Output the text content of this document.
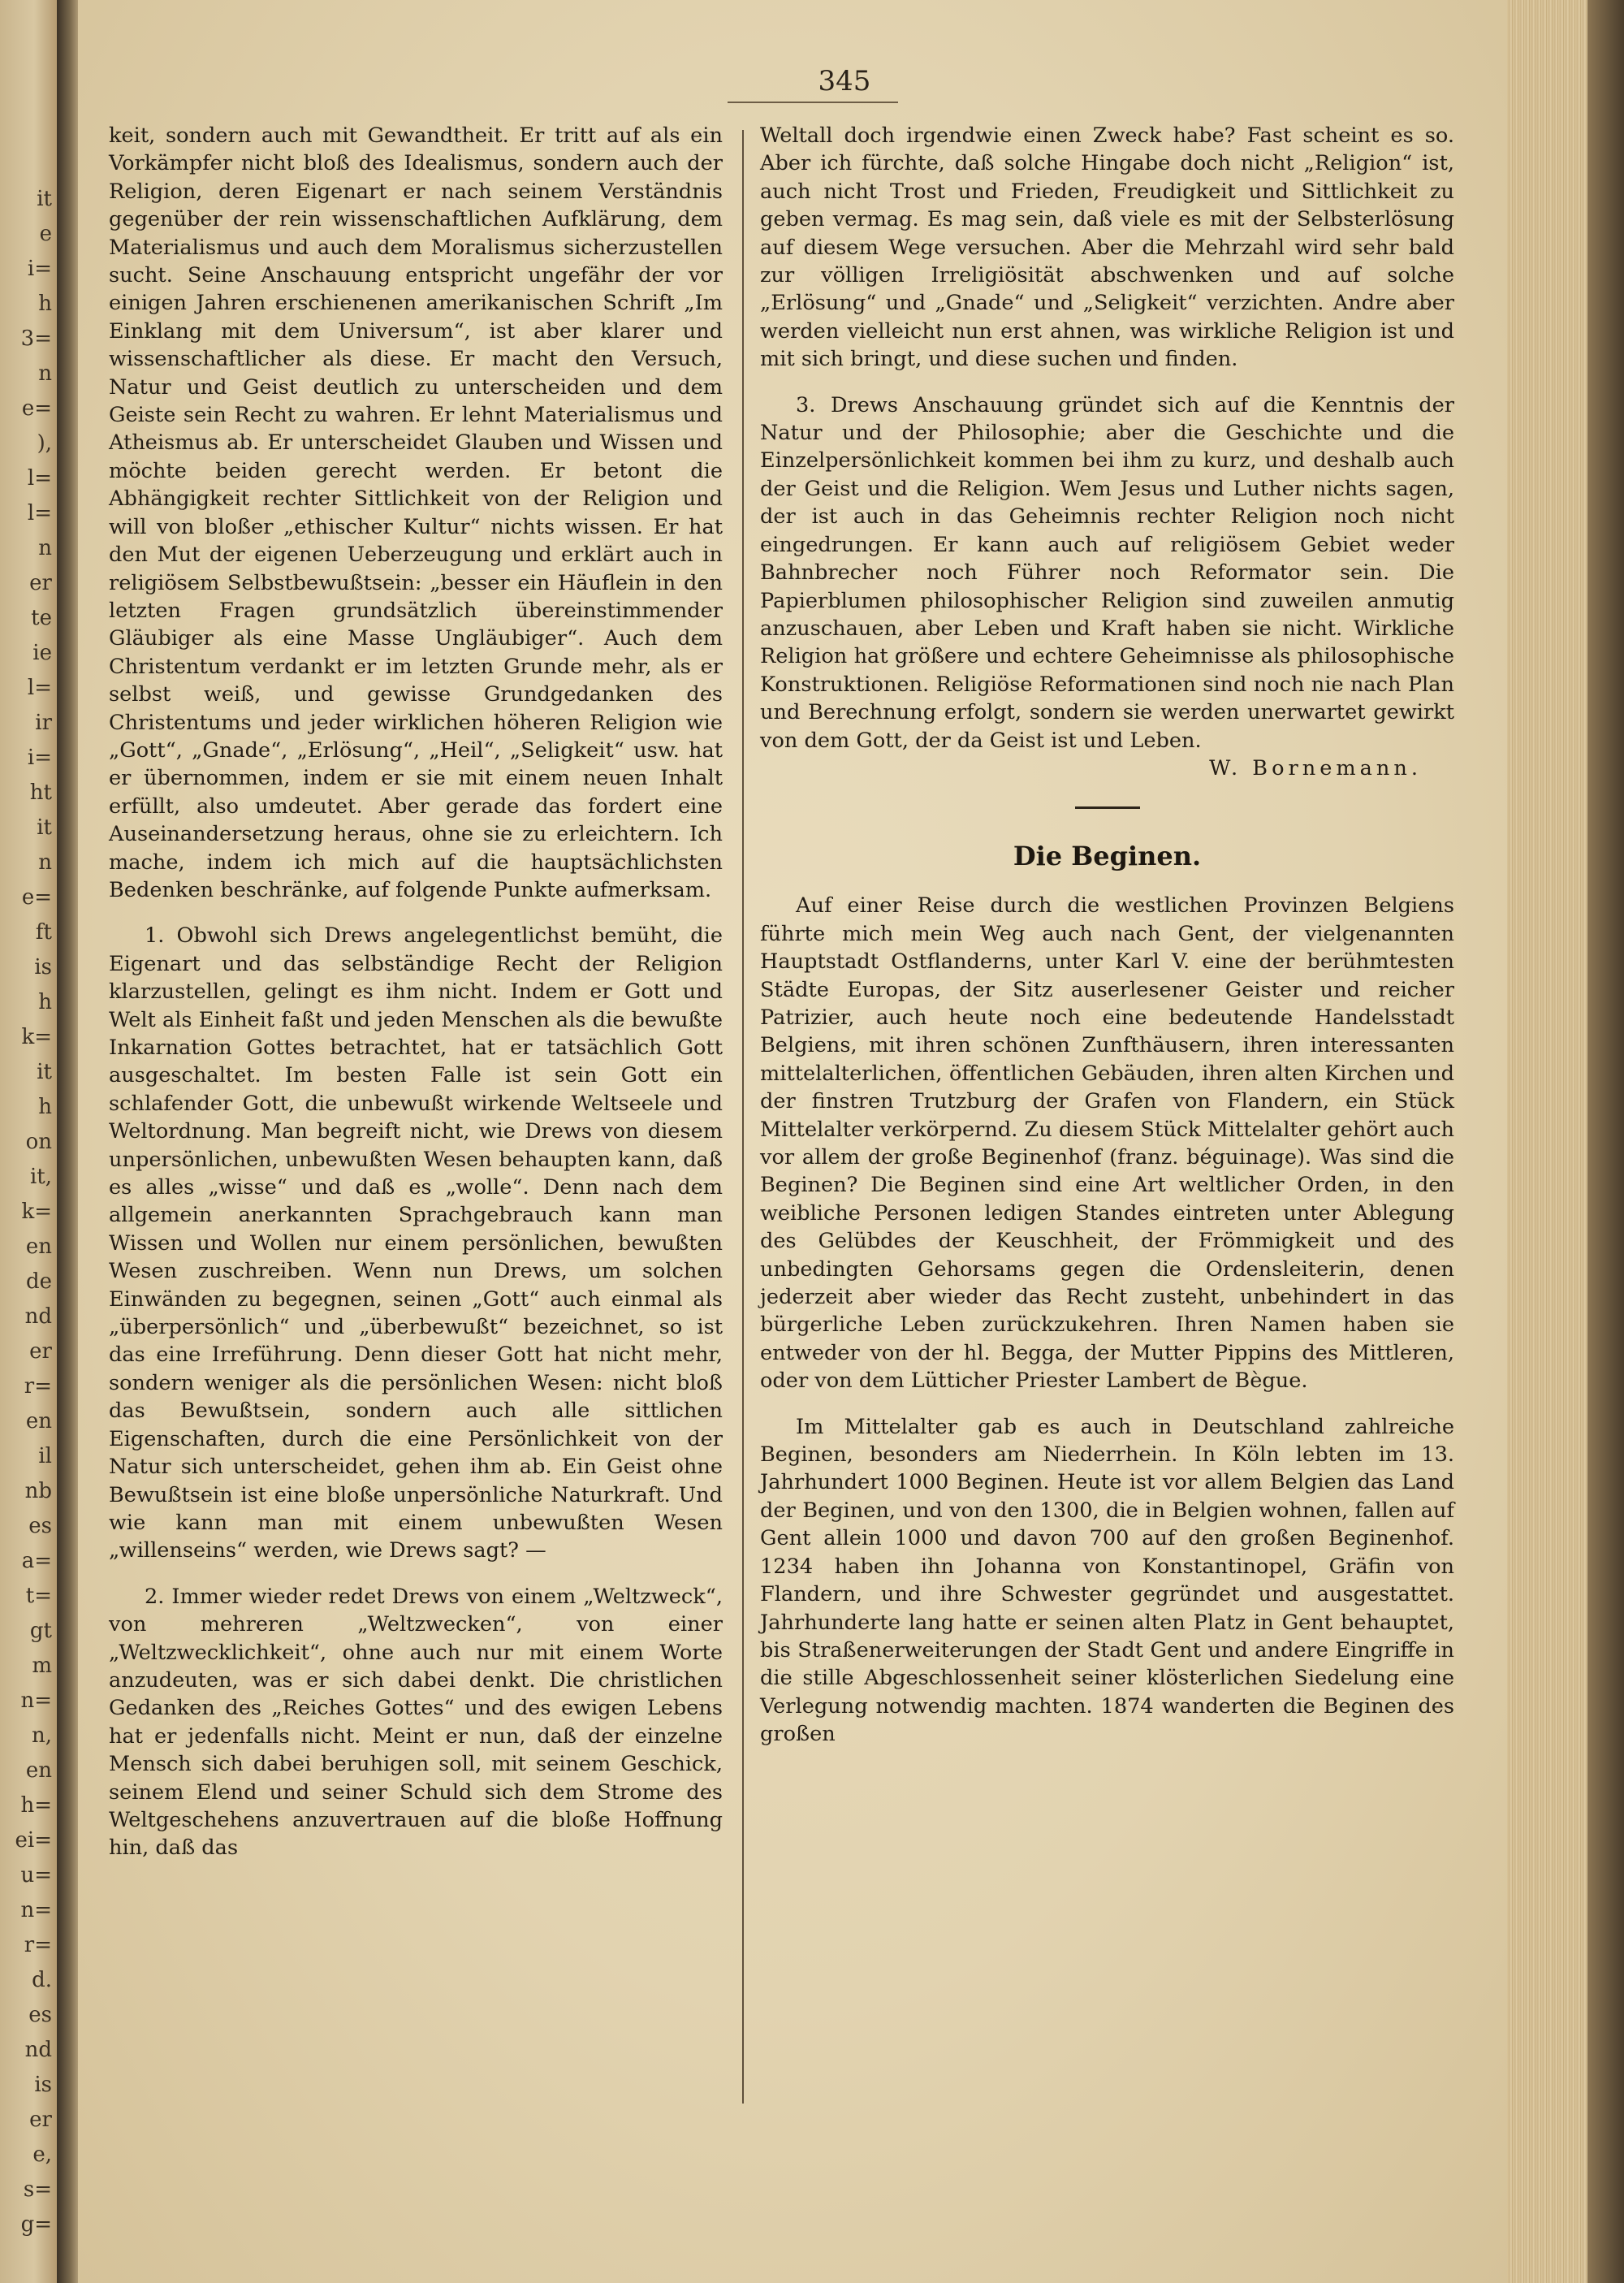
it
e
i=
h
3=
n
e=
),
l=
l=
n
er
te
ie
l=
ir
i=
ht
it
n
e=
ft
is
h
k=
it
h
on
it,
k=
en
de
nd
er
r=
en
il
nb
es
a=
t=
gt
m
n=
n,
en
h=
ei=
u=
n=
r=
d.
es
nd
is
er
e,
s=
g=
345

keit, sondern auch mit Gewandtheit. Er tritt auf als ein Vorkämpfer nicht bloß des Idealismus, sondern auch der Religion, deren Eigenart er nach seinem Verständnis gegenüber der rein wissenschaftlichen Aufklärung, dem Materialismus und auch dem Moralismus sicherzustellen sucht. Seine Anschauung entspricht ungefähr der vor einigen Jahren erschienenen amerikanischen Schrift „Im Einklang mit dem Universum“, ist aber klarer und wissenschaftlicher als diese. Er macht den Versuch, Natur und Geist deutlich zu unterscheiden und dem Geiste sein Recht zu wahren. Er lehnt Materialismus und Atheismus ab. Er unterscheidet Glauben und Wissen und möchte beiden gerecht werden. Er betont die Abhängigkeit rechter Sittlichkeit von der Religion und will von bloßer „ethischer Kultur“ nichts wissen. Er hat den Mut der eigenen Ueberzeugung und erklärt auch in religiösem Selbstbewußtsein: „besser ein Häuflein in den letzten Fragen grundsätzlich übereinstimmender Gläubiger als eine Masse Ungläubiger“. Auch dem Christentum verdankt er im letzten Grunde mehr, als er selbst weiß, und gewisse Grundgedanken des Christentums und jeder wirklichen höheren Religion wie „Gott“, „Gnade“, „Erlösung“, „Heil“, „Seligkeit“ usw. hat er übernommen, indem er sie mit einem neuen Inhalt erfüllt, also umdeutet. Aber gerade das fordert eine Auseinandersetzung heraus, ohne sie zu erleichtern. Ich mache, indem ich mich auf die hauptsächlichsten Bedenken beschränke, auf folgende Punkte aufmerksam.

1. Obwohl sich Drews angelegentlichst bemüht, die Eigenart und das selbständige Recht der Religion klarzustellen, gelingt es ihm nicht. Indem er Gott und Welt als Einheit faßt und jeden Menschen als die bewußte Inkarnation Gottes betrachtet, hat er tatsächlich Gott ausgeschaltet. Im besten Falle ist sein Gott ein schlafender Gott, die unbewußt wirkende Weltseele und Weltordnung. Man begreift nicht, wie Drews von diesem unpersönlichen, unbewußten Wesen behaupten kann, daß es alles „wisse“ und daß es „wolle“. Denn nach dem allgemein anerkannten Sprachgebrauch kann man Wissen und Wollen nur einem persönlichen, bewußten Wesen zuschreiben. Wenn nun Drews, um solchen Einwänden zu begegnen, seinen „Gott“ auch einmal als „überpersönlich“ und „überbewußt“ bezeichnet, so ist das eine Irreführung. Denn dieser Gott hat nicht mehr, sondern weniger als die persönlichen Wesen: nicht bloß das Bewußtsein, sondern auch alle sittlichen Eigenschaften, durch die eine Persönlichkeit von der Natur sich unterscheidet, gehen ihm ab. Ein Geist ohne Bewußtsein ist eine bloße unpersönliche Naturkraft. Und wie kann man mit einem unbewußten Wesen „willenseins“ werden, wie Drews sagt? —

2. Immer wieder redet Drews von einem „Weltzweck“, von mehreren „Weltzwecken“, von einer „Weltzwecklichkeit“, ohne auch nur mit einem Worte anzudeuten, was er sich dabei denkt. Die christlichen Gedanken des „Reiches Gottes“ und des ewigen Lebens hat er jedenfalls nicht. Meint er nun, daß der einzelne Mensch sich dabei beruhigen soll, mit seinem Geschick, seinem Elend und seiner Schuld sich dem Strome des Weltgeschehens anzuvertrauen auf die bloße Hoffnung hin, daß das

Weltall doch irgendwie einen Zweck habe? Fast scheint es so. Aber ich fürchte, daß solche Hingabe doch nicht „Religion“ ist, auch nicht Trost und Frieden, Freudigkeit und Sittlichkeit zu geben vermag. Es mag sein, daß viele es mit der Selbsterlösung auf diesem Wege versuchen. Aber die Mehrzahl wird sehr bald zur völligen Irreligiösität abschwenken und auf solche „Erlösung“ und „Gnade“ und „Seligkeit“ verzichten. Andre aber werden vielleicht nun erst ahnen, was wirkliche Religion ist und mit sich bringt, und diese suchen und finden.

3. Drews Anschauung gründet sich auf die Kenntnis der Natur und der Philosophie; aber die Geschichte und die Einzelpersönlichkeit kommen bei ihm zu kurz, und deshalb auch der Geist und die Religion. Wem Jesus und Luther nichts sagen, der ist auch in das Geheimnis rechter Religion noch nicht eingedrungen. Er kann auch auf religiösem Gebiet weder Bahnbrecher noch Führer noch Reformator sein. Die Papierblumen philosophischer Religion sind zuweilen anmutig anzuschauen, aber Leben und Kraft haben sie nicht. Wirkliche Religion hat größere und echtere Geheimnisse als philosophische Konstruktionen. Religiöse Reformationen sind noch nie nach Plan und Berechnung erfolgt, sondern sie werden unerwartet gewirkt von dem Gott, der da Geist ist und Leben.

W. Bornemann.

Die Beginen.

Auf einer Reise durch die westlichen Provinzen Belgiens führte mich mein Weg auch nach Gent, der vielgenannten Hauptstadt Ostflanderns, unter Karl V. eine der berühmtesten Städte Europas, der Sitz auserlesener Geister und reicher Patrizier, auch heute noch eine bedeutende Handelsstadt Belgiens, mit ihren schönen Zunfthäusern, ihren interessanten mittelalterlichen, öffentlichen Gebäuden, ihren alten Kirchen und der finstren Trutzburg der Grafen von Flandern, ein Stück Mittelalter verkörpernd. Zu diesem Stück Mittelalter gehört auch vor allem der große Beginenhof (franz. béguinage). Was sind die Beginen? Die Beginen sind eine Art weltlicher Orden, in den weibliche Personen ledigen Standes eintreten unter Ablegung des Gelübdes der Keuschheit, der Frömmigkeit und des unbedingten Gehorsams gegen die Ordensleiterin, denen jederzeit aber wieder das Recht zusteht, unbehindert in das bürgerliche Leben zurückzukehren. Ihren Namen haben sie entweder von der hl. Begga, der Mutter Pippins des Mittleren, oder von dem Lütticher Priester Lambert de Bègue.

Im Mittelalter gab es auch in Deutschland zahlreiche Beginen, besonders am Niederrhein. In Köln lebten im 13. Jahrhundert 1000 Beginen. Heute ist vor allem Belgien das Land der Beginen, und von den 1300, die in Belgien wohnen, fallen auf Gent allein 1000 und davon 700 auf den großen Beginenhof. 1234 haben ihn Johanna von Konstantinopel, Gräfin von Flandern, und ihre Schwester gegründet und ausgestattet. Jahrhunderte lang hatte er seinen alten Platz in Gent behauptet, bis Straßenerweiterungen der Stadt Gent und andere Eingriffe in die stille Abgeschlossenheit seiner klösterlichen Siedelung eine Verlegung notwendig machten. 1874 wanderten die Beginen des großen
